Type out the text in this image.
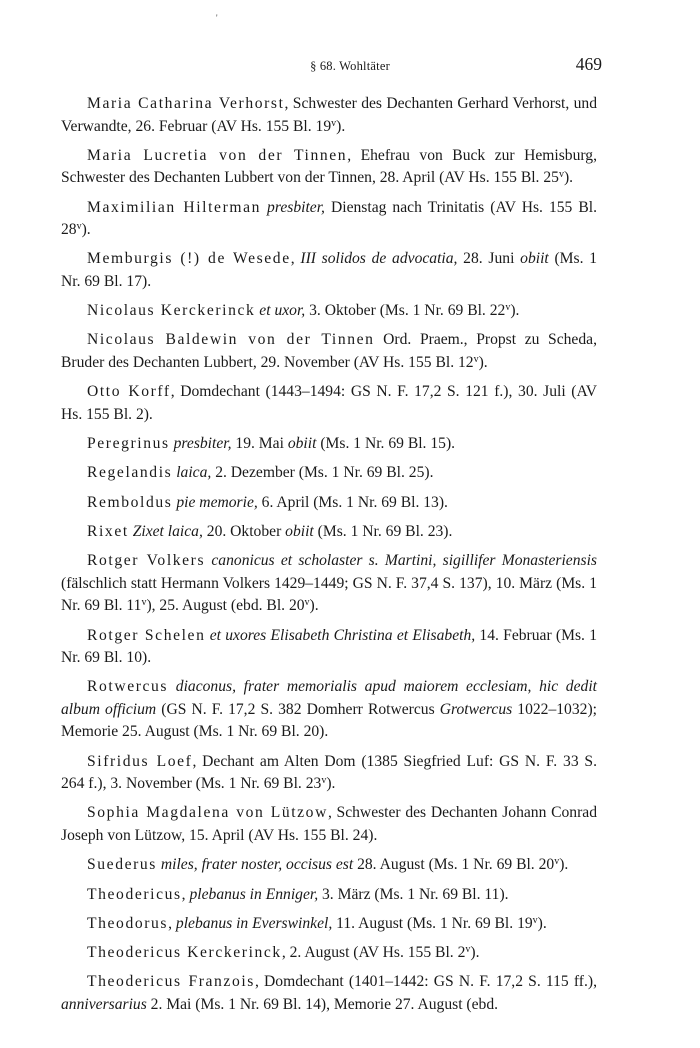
'
§ 68. Wohltäter	469

Maria Catharina Verhorst, Schwester des Dechanten Gerhard Verhorst, und Verwandte, 26. Februar (AV Hs. 155 Bl. 19$^v$).

Maria Lucretia von der Tinnen, Ehefrau von Buck zur Hemisburg, Schwester des Dechanten Lubbert von der Tinnen, 28. April (AV Hs. 155 Bl. 25$^v$).

Maximilian Hilterman presbiter, Dienstag nach Trinitatis (AV Hs. 155 Bl. 28$^v$).

Memburgis (!) de Wesede, III solidos de advocatia, 28. Juni obiit (Ms. 1 Nr. 69 Bl. 17).

Nicolaus Kerckerinck et uxor, 3. Oktober (Ms. 1 Nr. 69 Bl. 22$^v$).

Nicolaus Baldewin von der Tinnen Ord. Praem., Propst zu Scheda, Bruder des Dechanten Lubbert, 29. November (AV Hs. 155 Bl. 12$^v$).

Otto Korff, Domdechant (1443–1494: GS N. F. 17,2 S. 121 f.), 30. Juli (AV Hs. 155 Bl. 2).

Peregrinus presbiter, 19. Mai obiit (Ms. 1 Nr. 69 Bl. 15).

Regelandis laica, 2. Dezember (Ms. 1 Nr. 69 Bl. 25).

Remboldus pie memorie, 6. April (Ms. 1 Nr. 69 Bl. 13).

Rixet Zixet laica, 20. Oktober obiit (Ms. 1 Nr. 69 Bl. 23).

Rotger Volkers canonicus et scholaster s. Martini, sigillifer Monasteriensis (fälschlich statt Hermann Volkers 1429–1449; GS N. F. 37,4 S. 137), 10. März (Ms. 1 Nr. 69 Bl. 11$^v$), 25. August (ebd. Bl. 20$^v$).

Rotger Schelen et uxores Elisabeth Christina et Elisabeth, 14. Februar (Ms. 1 Nr. 69 Bl. 10).

Rotwercus diaconus, frater memorialis apud maiorem ecclesiam, hic dedit album officium (GS N. F. 17,2 S. 382 Domherr Rotwercus Grotwercus 1022–1032); Memorie 25. August (Ms. 1 Nr. 69 Bl. 20).

Sifridus Loef, Dechant am Alten Dom (1385 Siegfried Luf: GS N. F. 33 S. 264 f.), 3. November (Ms. 1 Nr. 69 Bl. 23$^v$).

Sophia Magdalena von Lützow, Schwester des Dechanten Johann Conrad Joseph von Lützow, 15. April (AV Hs. 155 Bl. 24).

Suederus miles, frater noster, occisus est 28. August (Ms. 1 Nr. 69 Bl. 20$^v$).

Theodericus, plebanus in Enniger, 3. März (Ms. 1 Nr. 69 Bl. 11).

Theodorus, plebanus in Everswinkel, 11. August (Ms. 1 Nr. 69 Bl. 19$^v$).

Theodericus Kerckerinck, 2. August (AV Hs. 155 Bl. 2$^v$).

Theodericus Franzois, Domdechant (1401–1442: GS N. F. 17,2 S. 115 ff.), anniversarius 2. Mai (Ms. 1 Nr. 69 Bl. 14), Memorie 27. August (ebd.
